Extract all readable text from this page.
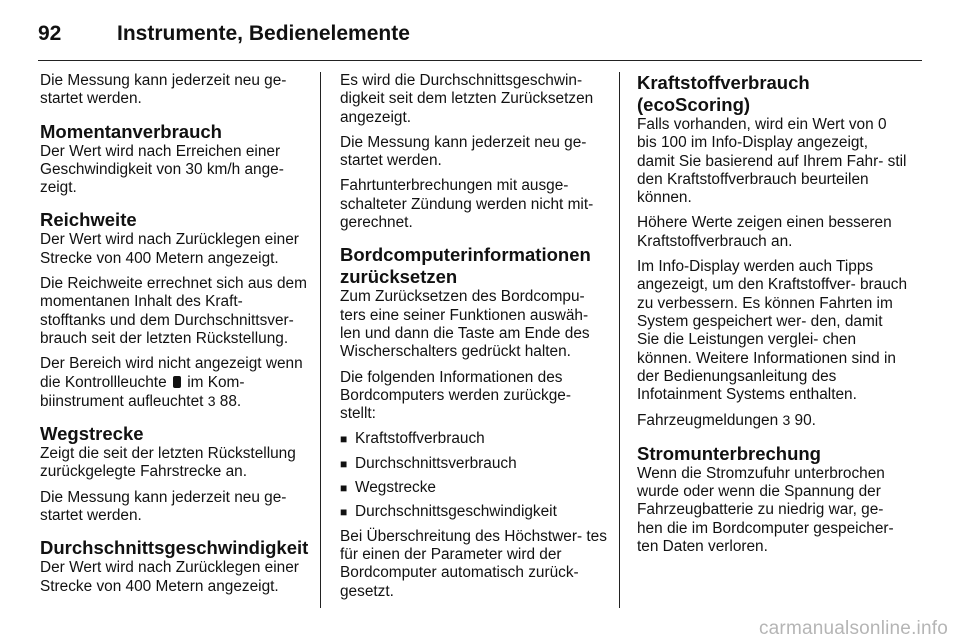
92	Instrumente, Bedienelemente

Die Messung kann jederzeit neu ge- startet werden.

Momentanverbrauch

Der Wert wird nach Erreichen einer Geschwindigkeit von 30 km/h ange- zeigt.

Reichweite

Der Wert wird nach Zurücklegen einer Strecke von 400 Metern angezeigt.

Die Reichweite errechnet sich aus dem momentanen Inhalt des Kraft- stofftanks und dem Durchschnittsver- brauch seit der letzten Rückstellung.

Der Bereich wird nicht angezeigt wenn die Kontrollleuchte im Kom- biinstrument aufleuchtet 3 88.

Wegstrecke

Zeigt die seit der letzten Rückstellung zurückgelegte Fahrstrecke an.

Die Messung kann jederzeit neu ge- startet werden.

Durchschnittsgeschwindigkeit

Der Wert wird nach Zurücklegen einer Strecke von 400 Metern angezeigt.

Es wird die Durchschnittsgeschwin- digkeit seit dem letzten Zurücksetzen angezeigt.

Die Messung kann jederzeit neu ge- startet werden.

Fahrtunterbrechungen mit ausge- schalteter Zündung werden nicht mit- gerechnet.

Bordcomputerinformationen zurücksetzen

Zum Zurücksetzen des Bordcompu- ters eine seiner Funktionen auswäh- len und dann die Taste am Ende des Wischerschalters gedrückt halten.

Die folgenden Informationen des Bordcomputers werden zurückge- stellt:

■ Kraftstoffverbrauch
■ Durchschnittsverbrauch
■ Wegstrecke
■ Durchschnittsgeschwindigkeit

Bei Überschreitung des Höchstwer- tes für einen der Parameter wird der Bordcomputer automatisch zurück- gesetzt.

Kraftstoffverbrauch (ecoScoring)

Falls vorhanden, wird ein Wert von 0 bis 100 im Info-Display angezeigt, damit Sie basierend auf Ihrem Fahr- stil den Kraftstoffverbrauch beurteilen können.

Höhere Werte zeigen einen besseren Kraftstoffverbrauch an.

Im Info-Display werden auch Tipps angezeigt, um den Kraftstoffver- brauch zu verbessern. Es können Fahrten im System gespeichert wer- den, damit Sie die Leistungen verglei- chen können. Weitere Informationen sind in der Bedienungsanleitung des Infotainment Systems enthalten.

Fahrzeugmeldungen 3 90.

Stromunterbrechung

Wenn die Stromzufuhr unterbrochen wurde oder wenn die Spannung der Fahrzeugbatterie zu niedrig war, ge- hen die im Bordcomputer gespeicher- ten Daten verloren.

carmanualsonline.info
